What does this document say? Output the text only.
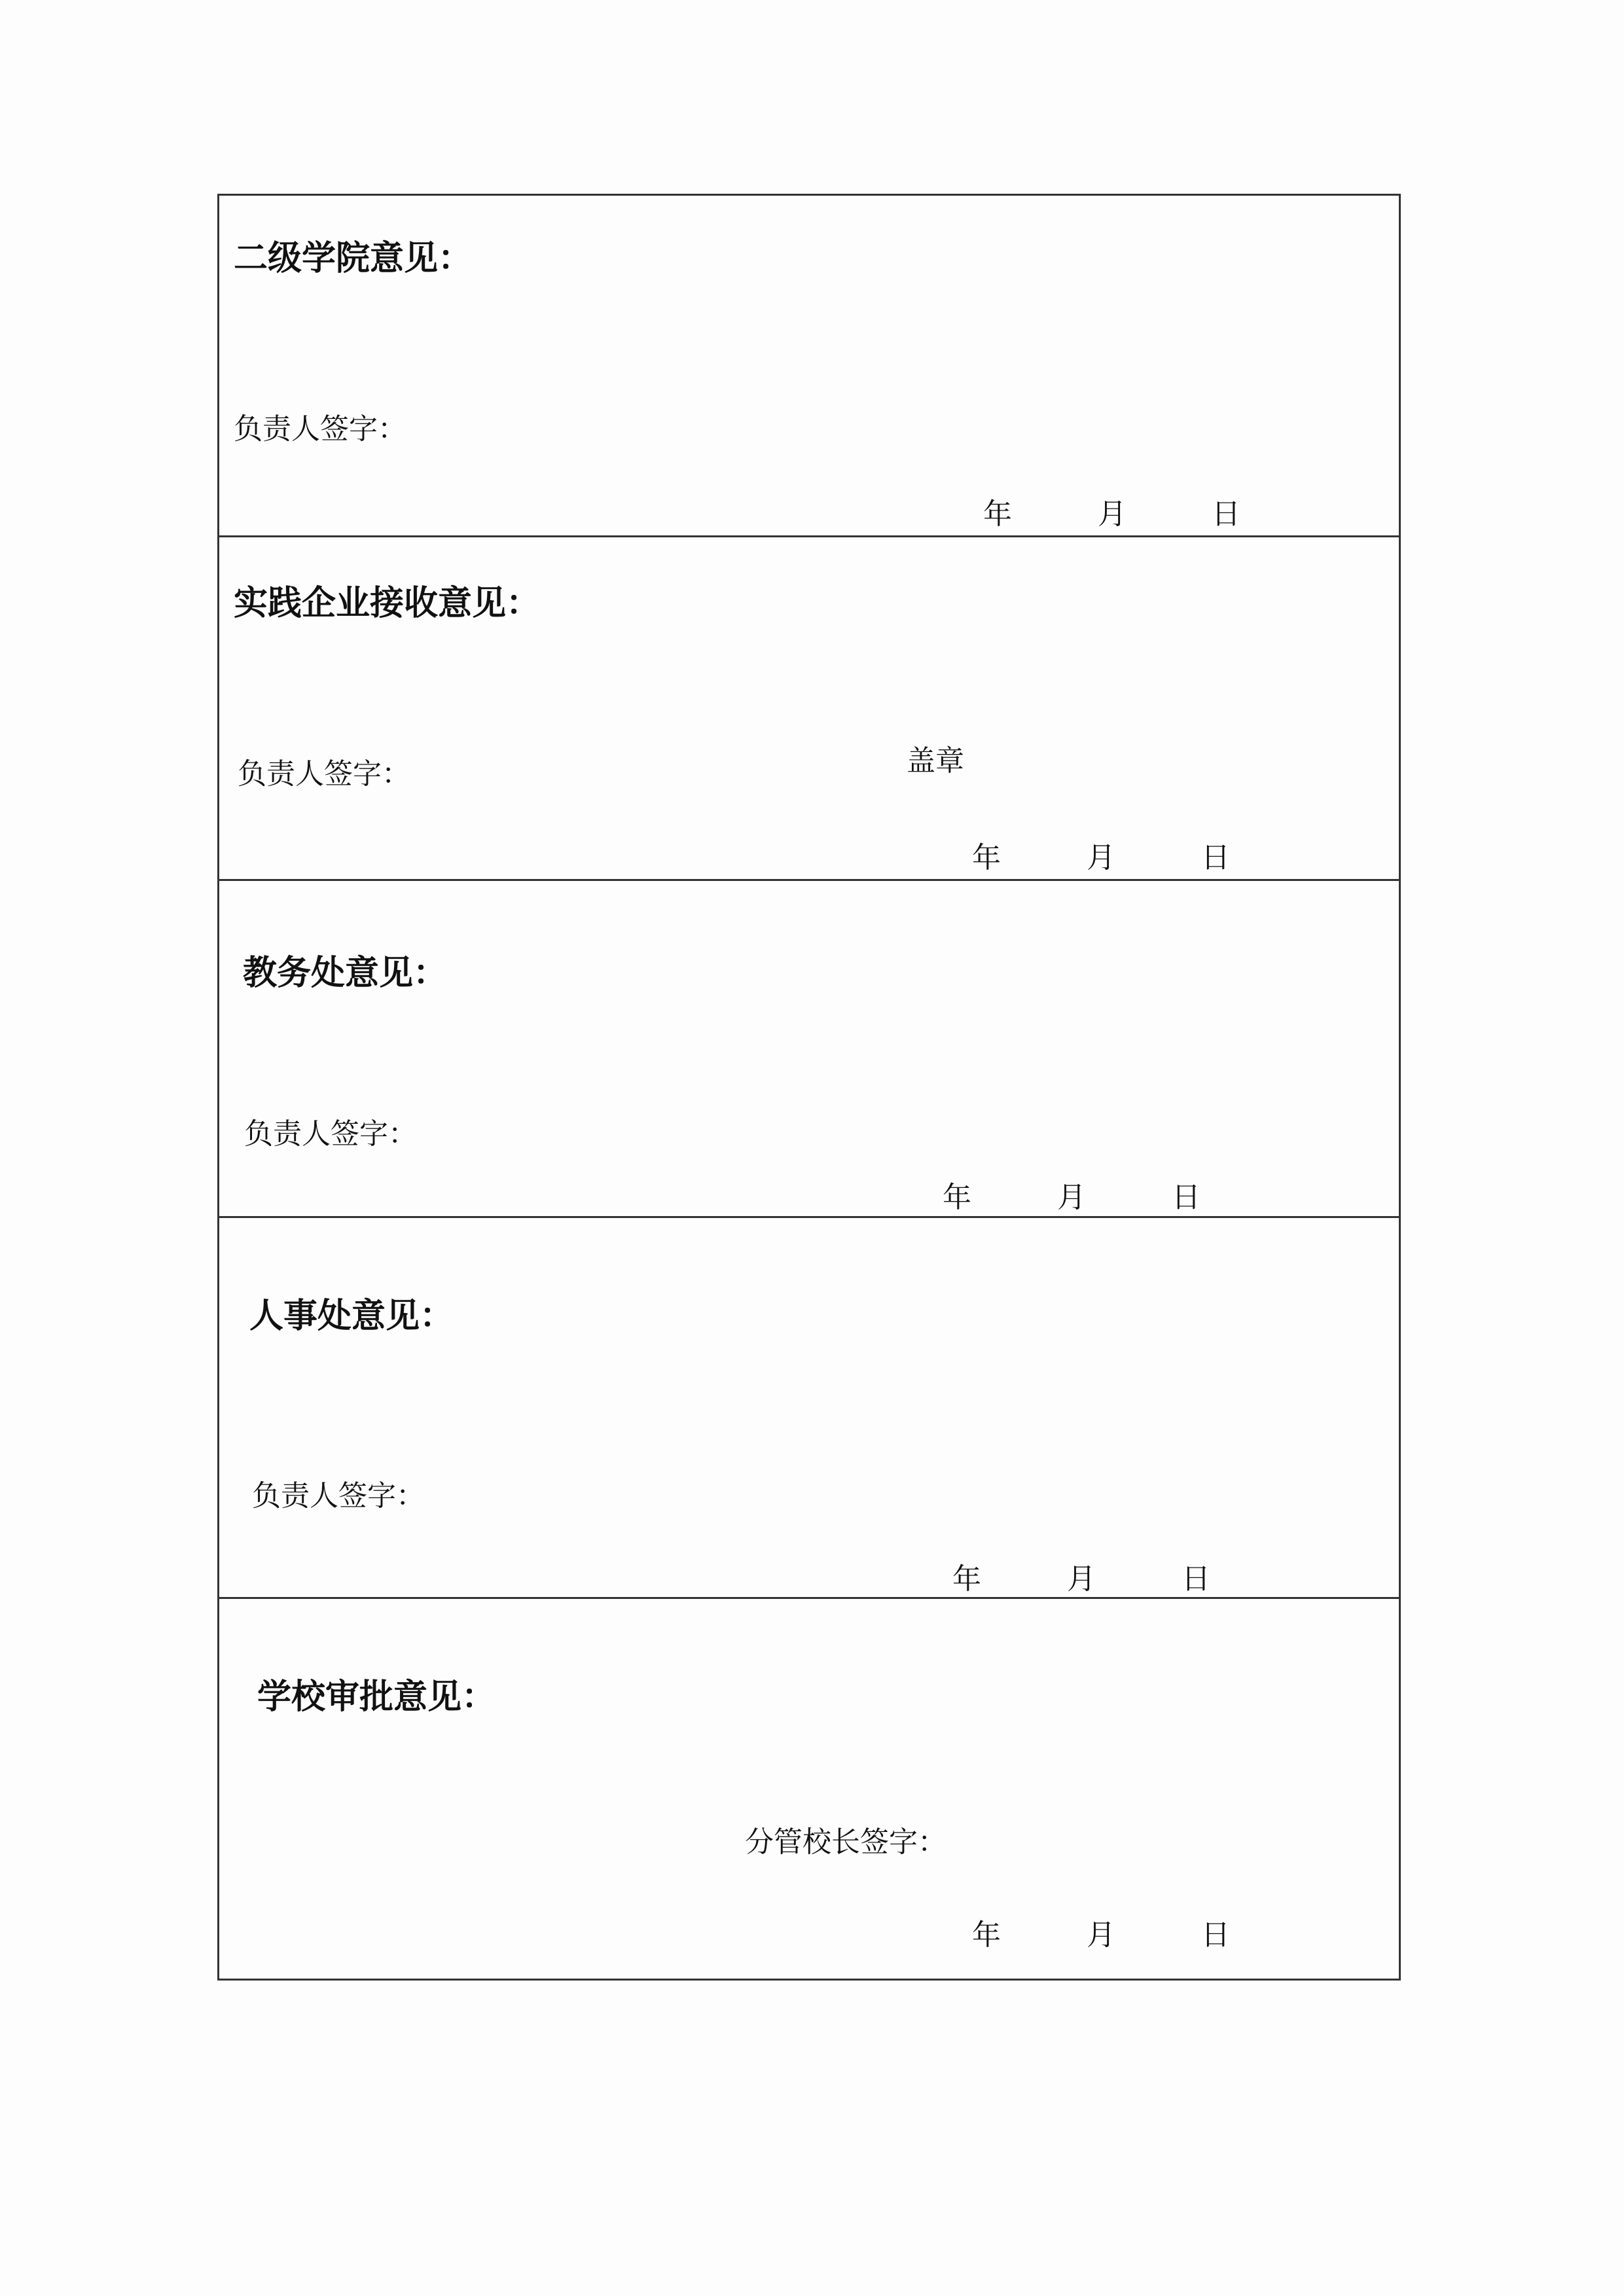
二级学院意见：
负责人签字：
年	月	日
实践企业接收意见：
负责人签字：	盖章
年	月	日
教务处意见：
负责人签字：
年	月	日
人事处意见：
负责人签字：
年	月	日
学校审批意见：
分管校长签字：
年	月	日
